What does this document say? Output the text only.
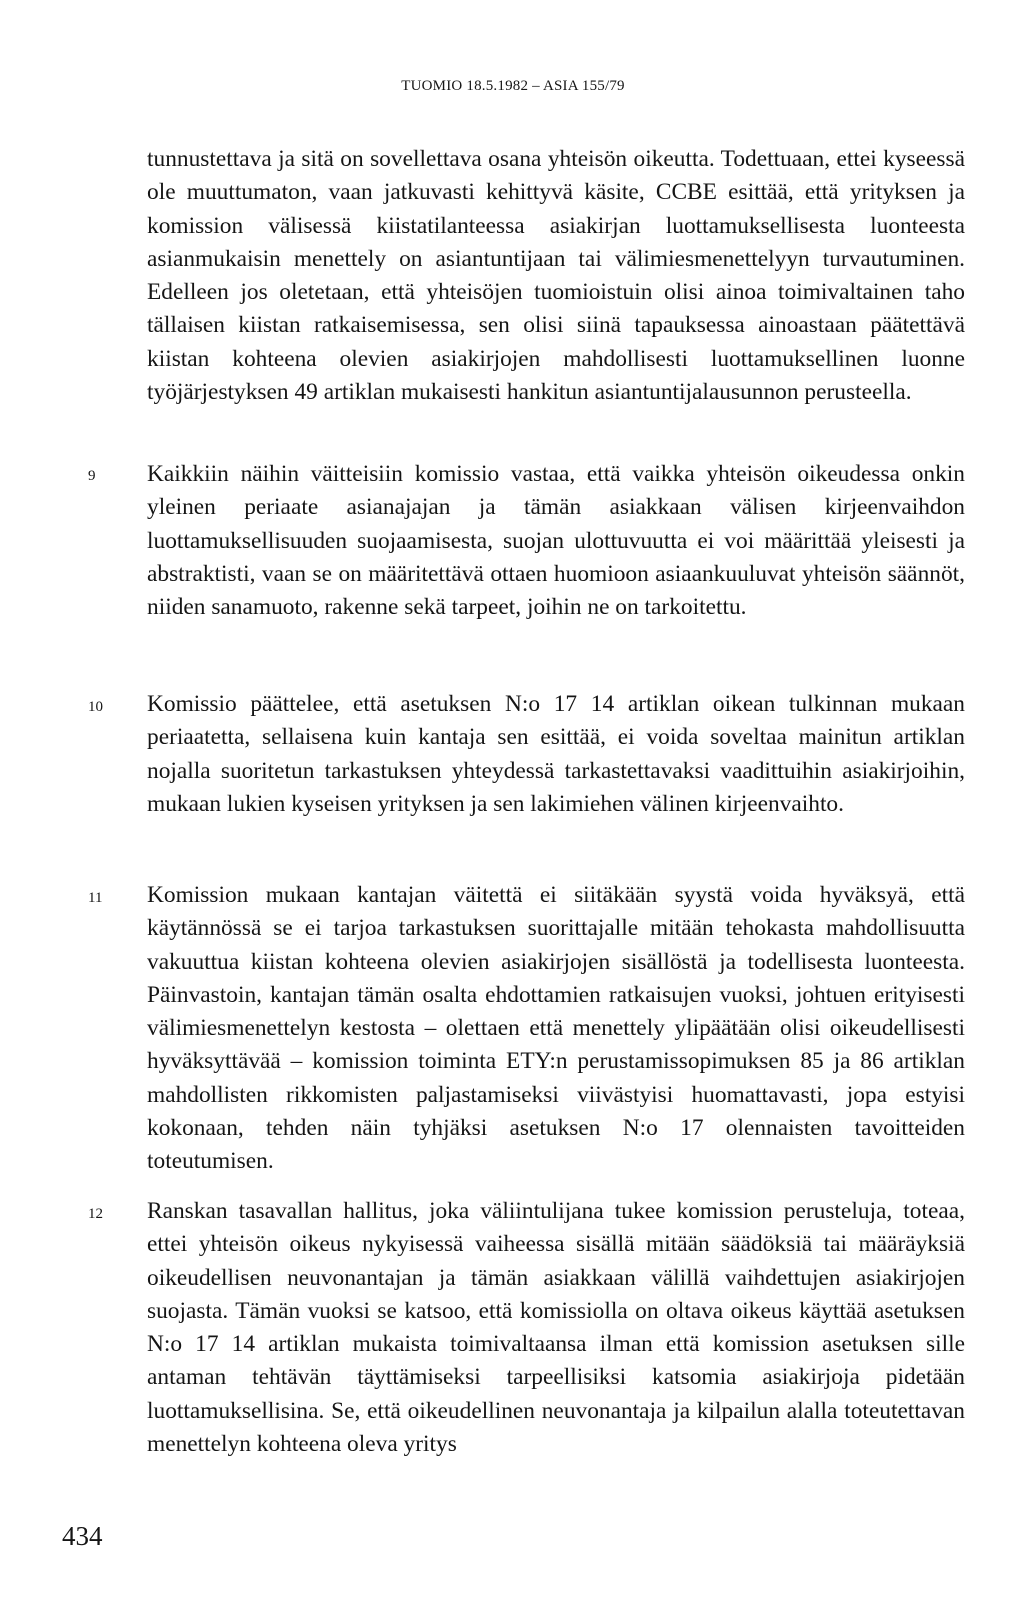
TUOMIO 18.5.1982 – ASIA 155/79

tunnustettava ja sitä on sovellettava osana yhteisön oikeutta. Todettuaan, ettei kyseessä ole muuttumaton, vaan jatkuvasti kehittyvä käsite, CCBE esittää, että yrityksen ja komission välisessä kiistatilanteessa asiakirjan luottamuksellisesta luonteesta asianmukaisin menettely on asiantuntijaan tai välimiesmenettelyyn turvautuminen. Edelleen jos oletetaan, että yhteisöjen tuomioistuin olisi ainoa toimivaltainen taho tällaisen kiistan ratkaisemisessa, sen olisi siinä tapauksessa ainoastaan päätettävä kiistan kohteena olevien asiakirjojen mahdollisesti luottamuksellinen luonne työjärjestyksen 49 artiklan mukaisesti hankitun asiantuntijalausunnon perusteella.

9 Kaikkiin näihin väitteisiin komissio vastaa, että vaikka yhteisön oikeudessa onkin yleinen periaate asianajajan ja tämän asiakkaan välisen kirjeenvaihdon luottamuksellisuuden suojaamisesta, suojan ulottuvuutta ei voi määrittää yleisesti ja abstraktisti, vaan se on määritettävä ottaen huomioon asiaankuuluvat yhteisön säännöt, niiden sanamuoto, rakenne sekä tarpeet, joihin ne on tarkoitettu.

10 Komissio päättelee, että asetuksen N:o 17 14 artiklan oikean tulkinnan mukaan periaatetta, sellaisena kuin kantaja sen esittää, ei voida soveltaa mainitun artiklan nojalla suoritetun tarkastuksen yhteydessä tarkastettavaksi vaadittuihin asiakirjoihin, mukaan lukien kyseisen yrityksen ja sen lakimiehen välinen kirjeenvaihto.

11 Komission mukaan kantajan väitettä ei siitäkään syystä voida hyväksyä, että käytännössä se ei tarjoa tarkastuksen suorittajalle mitään tehokasta mahdollisuutta vakuuttua kiistan kohteena olevien asiakirjojen sisällöstä ja todellisesta luonteesta. Päinvastoin, kantajan tämän osalta ehdottamien ratkaisujen vuoksi, johtuen erityisesti välimiesmenettelyn kestosta – olettaen että menettely ylipäätään olisi oikeudellisesti hyväksyttävää – komission toiminta ETY:n perustamissopimuksen 85 ja 86 artiklan mahdollisten rikkomisten paljastamiseksi viivästyisi huomattavasti, jopa estyisi kokonaan, tehden näin tyhjäksi asetuksen N:o 17 olennaisten tavoitteiden toteutumisen.

12 Ranskan tasavallan hallitus, joka väliintulijana tukee komission perusteluja, toteaa, ettei yhteisön oikeus nykyisessä vaiheessa sisällä mitään säädöksiä tai määräyksiä oikeudellisen neuvonantajan ja tämän asiakkaan välillä vaihdettujen asiakirjojen suojasta. Tämän vuoksi se katsoo, että komissiolla on oltava oikeus käyttää asetuksen N:o 17 14 artiklan mukaista toimivaltaansa ilman että komission asetuksen sille antaman tehtävän täyttämiseksi tarpeellisiksi katsomia asiakirjoja pidetään luottamuksellisina. Se, että oikeudellinen neuvonantaja ja kilpailun alalla toteutettavan menettelyn kohteena oleva yritys

434
